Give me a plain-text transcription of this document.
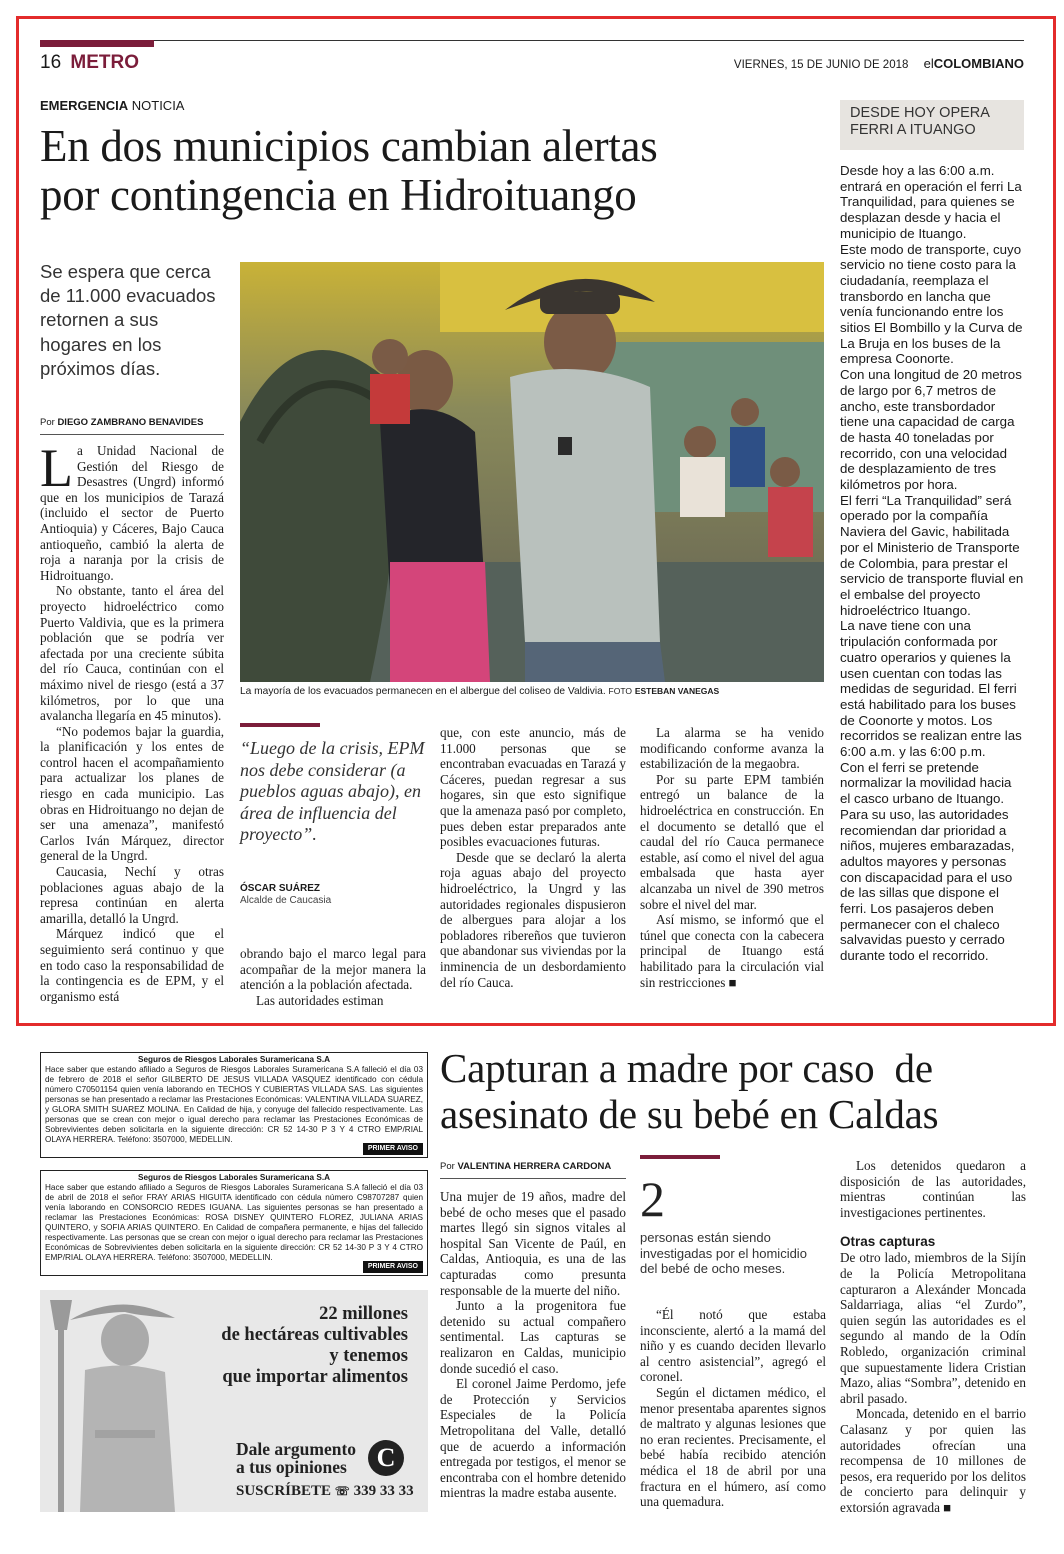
16 METRO	VIERNES, 15 DE JUNIO DE 2018 elCOLOMBIANO
EMERGENCIA NOTICIA
En dos municipios cambian alertas
por contingencia en Hidroituango
Se espera que cerca de 11.000 evacuados retornen a sus hogares en los próximos días.
Por DIEGO ZAMBRANO BENAVIDES

La Unidad Nacional de Gestión del Riesgo de Desastres (Ungrd) informó que en los municipios de Tarazá (incluido el sector de Puerto Antioquia) y Cáceres, Bajo Cauca antioqueño, cambió la alerta de roja a naranja por la crisis de Hidroituango.

No obstante, tanto el área del proyecto hidroeléctrico como Puerto Valdivia, que es la primera población que se podría ver afectada por una creciente súbita del río Cauca, continúan con el máximo nivel de riesgo (está a 37 kilómetros, por lo que una avalancha llegaría en 45 minutos).

“No podemos bajar la guardia, la planificación y los entes de control hacen el acompañamiento para actualizar los planes de riesgo en cada municipio. Las obras en Hidroituango no dejan de ser una amenaza”, manifestó Carlos Iván Márquez, director general de la Ungrd.

Caucasia, Nechí y otras poblaciones aguas abajo de la represa continúan en alerta amarilla, detalló la Ungrd.

Márquez indicó que el seguimiento será continuo y que en todo caso la responsabilidad de la contingencia es de EPM, y el organismo está

La mayoría de los evacuados permanecen en el albergue del coliseo de Valdivia. FOTO ESTEBAN VANEGAS
“Luego de la crisis, EPM nos debe considerar (a pueblos aguas abajo), en área de influencia del proyecto”.
ÓSCAR SUÁREZ
Alcalde de Caucasia

obrando bajo el marco legal para acompañar de la mejor manera la atención a la población afectada.

Las autoridades estiman

que, con este anuncio, más de 11.000 personas que se encontraban evacuadas en Tarazá y Cáceres, puedan regresar a sus hogares, sin que esto signifique que la amenaza pasó por completo, pues deben estar preparados ante posibles evacuaciones futuras.

Desde que se declaró la alerta roja aguas abajo del proyecto hidroeléctrico, la Ungrd y las autoridades regionales dispusieron de albergues para alojar a los pobladores ribereños que tuvieron que abandonar sus viviendas por la inminencia de un desbordamiento del río Cauca.

La alarma se ha venido modificando conforme avanza la estabilización de la megaobra.

Por su parte EPM también entregó un balance de la hidroeléctrica en construcción. En el documento se detalló que el caudal del río Cauca permanece estable, así como el nivel del agua embalsada que hasta ayer alcanzaba un nivel de 390 metros sobre el nivel del mar.

Así mismo, se informó que el túnel que conecta con la cabecera principal de Ituango está habilitado para la circulación vial sin restricciones ■

DESDE HOY OPERA FERRI A ITUANGO

Desde hoy a las 6:00 a.m. entrará en operación el ferri La Tranquilidad, para quienes se desplazan desde y hacia el municipio de Ituango.

Este modo de transporte, cuyo servicio no tiene costo para la ciudadanía, reemplaza el transbordo en lancha que venía funcionando entre los sitios El Bombillo y la Curva de La Bruja en los buses de la empresa Coonorte.

Con una longitud de 20 metros de largo por 6,7 metros de ancho, este transbordador tiene una capacidad de carga de hasta 40 toneladas por recorrido, con una velocidad de desplazamiento de tres kilómetros por hora.

El ferri “La Tranquilidad” será operado por la compañía Naviera del Gavic, habilitada por el Ministerio de Transporte de Colombia, para prestar el servicio de transporte fluvial en el embalse del proyecto hidroeléctrico Ituango.

La nave tiene con una tripulación conformada por cuatro operarios y quienes la usen cuentan con todas las medidas de seguridad. El ferri está habilitado para los buses de Coonorte y motos. Los recorridos se realizan entre las 6:00 a.m. y las 6:00 p.m.

Con el ferri se pretende normalizar la movilidad hacia el casco urbano de Ituango.

Para su uso, las autoridades recomiendan dar prioridad a niños, mujeres embarazadas, adultos mayores y personas con discapacidad para el uso de las sillas que dispone el ferri. Los pasajeros deben permanecer con el chaleco salvavidas puesto y cerrado durante todo el recorrido.

Seguros de Riesgos Laborales Suramericana S.A
Hace saber que estando afiliado a Seguros de Riesgos Laborales Suramericana S.A falleció el día 03 de febrero de 2018 el señor GILBERTO DE JESUS VILLADA VASQUEZ identificado con cédula número C70501154 quien venía laborando en TECHOS Y CUBIERTAS VILLADA SAS. Las siguientes personas se han presentado a reclamar las Prestaciones Económicas: VALENTINA VILLADA SUAREZ, y GLORA SMITH SUAREZ MOLINA. En Calidad de hija, y conyuge del fallecido respectivamente. Las personas que se crean con mejor o igual derecho para reclamar las Prestaciones Económicas de Sobrevivientes deben solicitarla en la siguiente dirección: CR 52 14-30 P 3 Y 4 CTRO EMP/RIAL OLAYA HERRERA. Teléfono: 3507000, MEDELLIN.
PRIMER AVISO
Seguros de Riesgos Laborales Suramericana S.A
Hace saber que estando afiliado a Seguros de Riesgos Laborales Suramericana S.A falleció el día 03 de abril de 2018 el señor FRAY ARIAS HIGUITA identificado con cédula número C98707287 quien venía laborando en CONSORCIO REDES IGUANA. Las siguientes personas se han presentado a reclamar las Prestaciones Económicas: ROSA DISNEY QUINTERO FLOREZ, JULIANA ARIAS QUINTERO, y SOFIA ARIAS QUINTERO. En Calidad de compañera permanente, e hijas del fallecido respectivamente. Las personas que se crean con mejor o igual derecho para reclamar las Prestaciones Económicas de Sobrevivientes deben solicitarla en la siguiente dirección: CR 52 14-30 P 3 Y 4 CTRO EMP/RIAL OLAYA HERRERA. Teléfono: 3507000, MEDELLIN.
PRIMER AVISO
22 millones
de hectáreas cultivables
y tenemos
que importar alimentos
Dale argumento
a tus opiniones	C
SUSCRÍBETE ☏ 339 33 33
Capturan a madre por caso  de
asesinato de su bebé en Caldas
Por VALENTINA HERRERA CARDONA

Una mujer de 19 años, madre del bebé de ocho meses que el pasado martes llegó sin signos vitales al hospital San Vicente de Paúl, en Caldas, Antioquia, es una de las capturadas como presunta responsable de la muerte del niño.

Junto a la progenitora fue detenido su actual compañero sentimental. Las capturas se realizaron en Caldas, municipio donde sucedió el caso.

El coronel Jaime Perdomo, jefe de Protección y Servicios Especiales de la Policía Metropolitana del Valle, detalló que de acuerdo a información entregada por testigos, el menor se encontraba con el hombre detenido mientras la madre estaba ausente.

2
personas están siendo investigadas por el homicidio del bebé de ocho meses.

“Él notó que estaba inconsciente, alertó a la mamá del niño y es cuando deciden llevarlo al centro asistencial”, agregó el coronel.

Según el dictamen médico, el menor presentaba aparentes signos de maltrato y algunas lesiones que no eran recientes. Precisamente, el bebé había recibido atención médica el 18 de abril por una fractura en el húmero, así como una quemadura.

Los detenidos quedaron a disposición de las autoridades, mientras continúan las investigaciones pertinentes.

Otras capturas

De otro lado, miembros de la Sijín de la Policía Metropolitana capturaron a Alexánder Moncada Saldarriaga, alias “el Zurdo”, quien según las autoridades es el segundo al mando de la Odín Robledo, organización criminal que supuestamente lidera Cristian Mazo, alias “Sombra”, detenido en abril pasado.

Moncada, detenido en el barrio Calasanz y por quien las autoridades ofrecían una recompensa de 10 millones de pesos, era requerido por los delitos de concierto para delinquir y extorsión agravada ■
